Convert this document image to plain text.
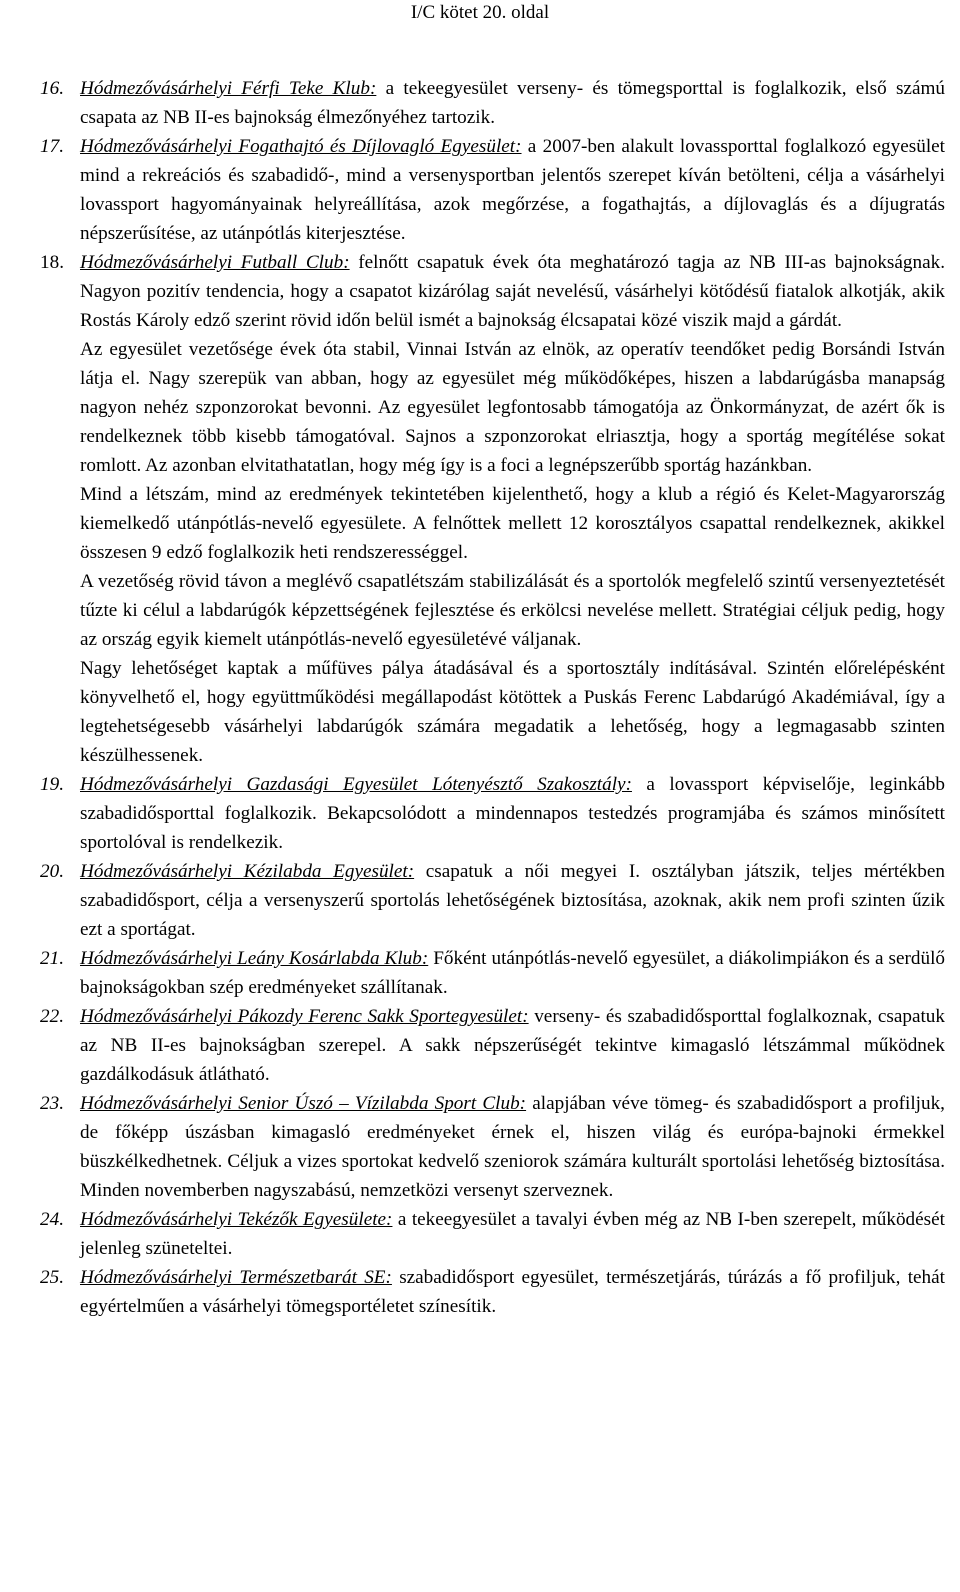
I/C kötet 20. oldal
16. Hódmezővásárhelyi Férfi Teke Klub: a tekeegyesület verseny- és tömegsporttal is foglalkozik, első számú csapata az NB II-es bajnokság élmezőnyéhez tartozik.
17. Hódmezővásárhelyi Fogathajtó és Díjlovagló Egyesület: a 2007-ben alakult lovassporttal foglalkozó egyesület mind a rekreációs és szabadidő-, mind a versenysportban jelentős szerepet kíván betölteni, célja a vásárhelyi lovassport hagyományainak helyreállítása, azok megőrzése, a fogathajtás, a díjlovaglás és a díjugratás népszerűsítése, az utánpótlás kiterjesztése.
18. Hódmezővásárhelyi Futball Club: felnőtt csapatuk évek óta meghatározó tagja az NB III-as bajnokságnak. Nagyon pozitív tendencia, hogy a csapatot kizárólag saját nevelésű, vásárhelyi kötődésű fiatalok alkotják, akik Rostás Károly edző szerint rövid időn belül ismét a bajnokság élcsapatai közé viszik majd a gárdát.
Az egyesület vezetősége évek óta stabil, Vinnai István az elnök, az operatív teendőket pedig Borsándi István látja el. Nagy szerepük van abban, hogy az egyesület még működőképes, hiszen a labdarúgásba manapság nagyon nehéz szponzorokat bevonni. Az egyesület legfontosabb támogatója az Önkormányzat, de azért ők is rendelkeznek több kisebb támogatóval. Sajnos a szponzorokat elriasztja, hogy a sportág megítélése sokat romlott. Az azonban elvitathatatlan, hogy még így is a foci a legnépszerűbb sportág hazánkban.
Mind a létszám, mind az eredmények tekintetében kijelenthető, hogy a klub a régió és Kelet-Magyarország kiemelkedő utánpótlás-nevelő egyesülete. A felnőttek mellett 12 korosztályos csapattal rendelkeznek, akikkel összesen 9 edző foglalkozik heti rendszerességgel.
A vezetőség rövid távon a meglévő csapatlétszám stabilizálását és a sportolók megfelelő szintű versenyeztetését tűzte ki célul a labdarúgók képzettségének fejlesztése és erkölcsi nevelése mellett. Stratégiai céljuk pedig, hogy az ország egyik kiemelt utánpótlás-nevelő egyesületévé váljanak.
Nagy lehetőséget kaptak a műfüves pálya átadásával és a sportosztály indításával. Szintén előrelépésként könyvelhető el, hogy együttműködési megállapodást kötöttek a Puskás Ferenc Labdarúgó Akadémiával, így a legtehetségesebb vásárhelyi labdarúgók számára megadatik a lehetőség, hogy a legmagasabb szinten készülhessenek.
19. Hódmezővásárhelyi Gazdasági Egyesület Lótenyésztő Szakosztály: a lovassport képviselője, leginkább szabadidősporttal foglalkozik. Bekapcsolódott a mindennapos testedzés programjába és számos minősített sportolóval is rendelkezik.
20. Hódmezővásárhelyi Kézilabda Egyesület: csapatuk a női megyei I. osztályban játszik, teljes mértékben szabadidősport, célja a versenyszerű sportolás lehetőségének biztosítása, azoknak, akik nem profi szinten űzik ezt a sportágat.
21. Hódmezővásárhelyi Leány Kosárlabda Klub: Főként utánpótlás-nevelő egyesület, a diákolimpiákon és a serdülő bajnokságokban szép eredményeket szállítanak.
22. Hódmezővásárhelyi Pákozdy Ferenc Sakk Sportegyesület: verseny- és szabadidősporttal foglalkoznak, csapatuk az NB II-es bajnokságban szerepel. A sakk népszerűségét tekintve kimagasló létszámmal működnek gazdálkodásuk átlátható.
23. Hódmezővásárhelyi Senior Úszó – Vízilabda Sport Club: alapjában véve tömeg- és szabadidősport a profiljuk, de főképp úszásban kimagasló eredményeket érnek el, hiszen világ és európa-bajnoki érmekkel büszkélkedhetnek. Céljuk a vizes sportokat kedvelő szeniorok számára kulturált sportolási lehetőség biztosítása. Minden novemberben nagyszabású, nemzetközi versenyt szerveznek.
24. Hódmezővásárhelyi Tekézők Egyesülete: a tekeegyesület a tavalyi évben még az NB I-ben szerepelt, működését jelenleg szüneteltei.
25. Hódmezővásárhelyi Természetbarát SE: szabadidősport egyesület, természetjárás, túrázás a fő profiljuk, tehát egyértelműen a vásárhelyi tömegsportéletet színesítik.
